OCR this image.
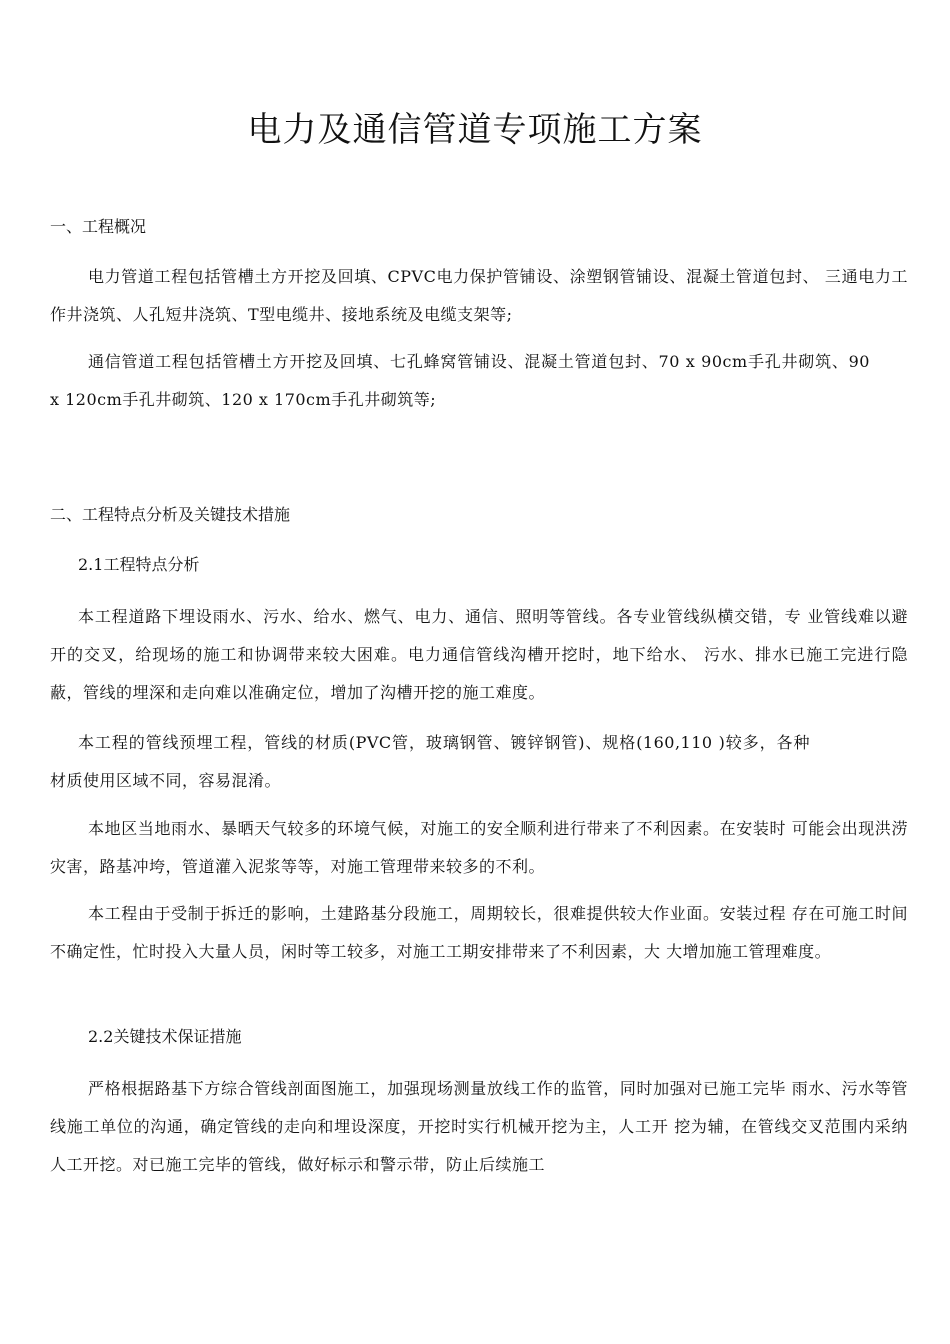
电力及通信管道专项施工方案

一、工程概况

电力管道工程包括管槽土方开挖及回填、CPVC电力保护管铺设、涂塑钢管铺设、混凝土管道包封、 三通电力工作井浇筑、人孔短井浇筑、T型电缆井、接地系统及电缆支架等;

通信管道工程包括管槽土方开挖及回填、七孔蜂窝管铺设、混凝土管道包封、70 x 90cm手孔井砌筑、90 x 120cm手孔井砌筑、120 x 170cm手孔井砌筑等;

二、工程特点分析及关键技术措施

2.1工程特点分析

本工程道路下埋设雨水、污水、给水、燃气、电力、通信、照明等管线。各专业管线纵横交错，专 业管线难以避开的交叉，给现场的施工和协调带来较大困难。电力通信管线沟槽开挖时，地下给水、 污水、排水已施工完进行隐蔽，管线的埋深和走向难以准确定位，增加了沟槽开挖的施工难度。

本工程的管线预埋工程，管线的材质(PVC管，玻璃钢管、镀锌钢管)、规格(160,110 )较多，各种材质使用区域不同，容易混淆。

本地区当地雨水、暴晒天气较多的环境气候，对施工的安全顺利进行带来了不利因素。在安装时 可能会出现洪涝灾害，路基冲垮，管道灌入泥浆等等，对施工管理带来较多的不利。

本工程由于受制于拆迁的影响，土建路基分段施工，周期较长，很难提供较大作业面。安装过程 存在可施工时间不确定性，忙时投入大量人员，闲时等工较多，对施工工期安排带来了不利因素，大 大增加施工管理难度。

2.2关键技术保证措施

严格根据路基下方综合管线剖面图施工，加强现场测量放线工作的监管，同时加强对已施工完毕 雨水、污水等管线施工单位的沟通，确定管线的走向和埋设深度，开挖时实行机械开挖为主，人工开 挖为辅，在管线交叉范围内采纳人工开挖。对已施工完毕的管线，做好标示和警示带，防止后续施工
